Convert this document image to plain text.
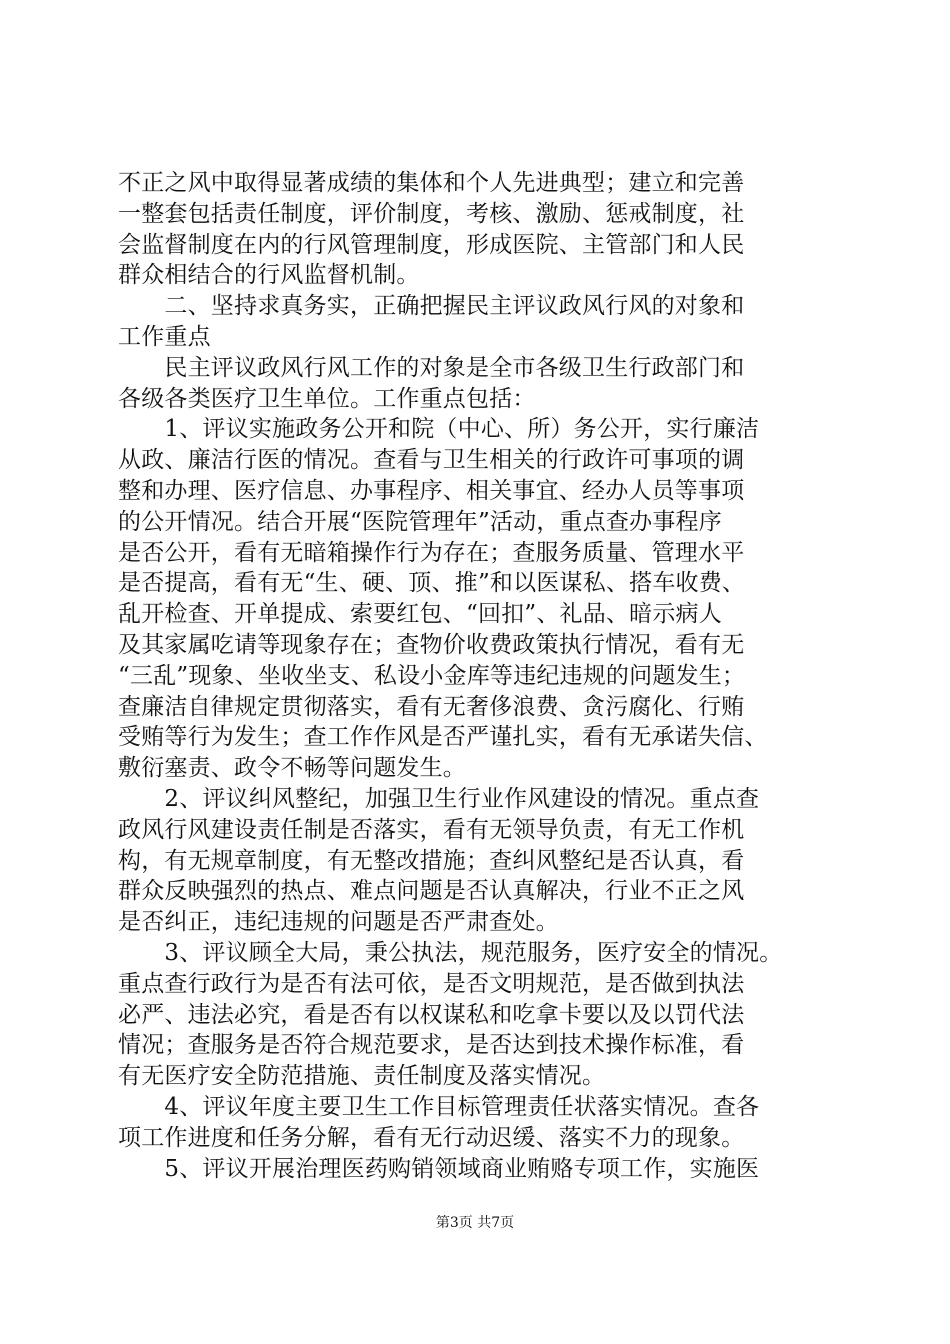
不正之风中取得显著成绩的集体和个人先进典型；建立和完善
一整套包括责任制度，评价制度，考核、激励、惩戒制度，社
会监督制度在内的行风管理制度，形成医院、主管部门和人民
群众相结合的行风监督机制。
　　二、坚持求真务实，正确把握民主评议政风行风的对象和
工作重点
　　民主评议政风行风工作的对象是全市各级卫生行政部门和
各级各类医疗卫生单位。工作重点包括：
　　1、评议实施政务公开和院（中心、所）务公开，实行廉洁
从政、廉洁行医的情况。查看与卫生相关的行政许可事项的调
整和办理、医疗信息、办事程序、相关事宜、经办人员等事项
的公开情况。结合开展“医院管理年”活动，重点查办事程序
是否公开，看有无暗箱操作行为存在；查服务质量、管理水平
是否提高，看有无“生、硬、顶、推”和以医谋私、搭车收费、
乱开检查、开单提成、索要红包、“回扣”、礼品、暗示病人
及其家属吃请等现象存在；查物价收费政策执行情况，看有无
“三乱”现象、坐收坐支、私设小金库等违纪违规的问题发生；
查廉洁自律规定贯彻落实，看有无奢侈浪费、贪污腐化、行贿
受贿等行为发生；查工作作风是否严谨扎实，看有无承诺失信、
敷衍塞责、政令不畅等问题发生。
　　2、评议纠风整纪，加强卫生行业作风建设的情况。重点查
政风行风建设责任制是否落实，看有无领导负责，有无工作机
构，有无规章制度，有无整改措施；查纠风整纪是否认真，看
群众反映强烈的热点、难点问题是否认真解决，行业不正之风
是否纠正，违纪违规的问题是否严肃查处。
　　3、评议顾全大局，秉公执法，规范服务，医疗安全的情况。
重点查行政行为是否有法可依，是否文明规范，是否做到执法
必严、违法必究，看是否有以权谋私和吃拿卡要以及以罚代法
情况；查服务是否符合规范要求，是否达到技术操作标准，看
有无医疗安全防范措施、责任制度及落实情况。
　　4、评议年度主要卫生工作目标管理责任状落实情况。查各
项工作进度和任务分解，看有无行动迟缓、落实不力的现象。
　　5、评议开展治理医药购销领域商业贿赂专项工作，实施医
第3页 共7页
